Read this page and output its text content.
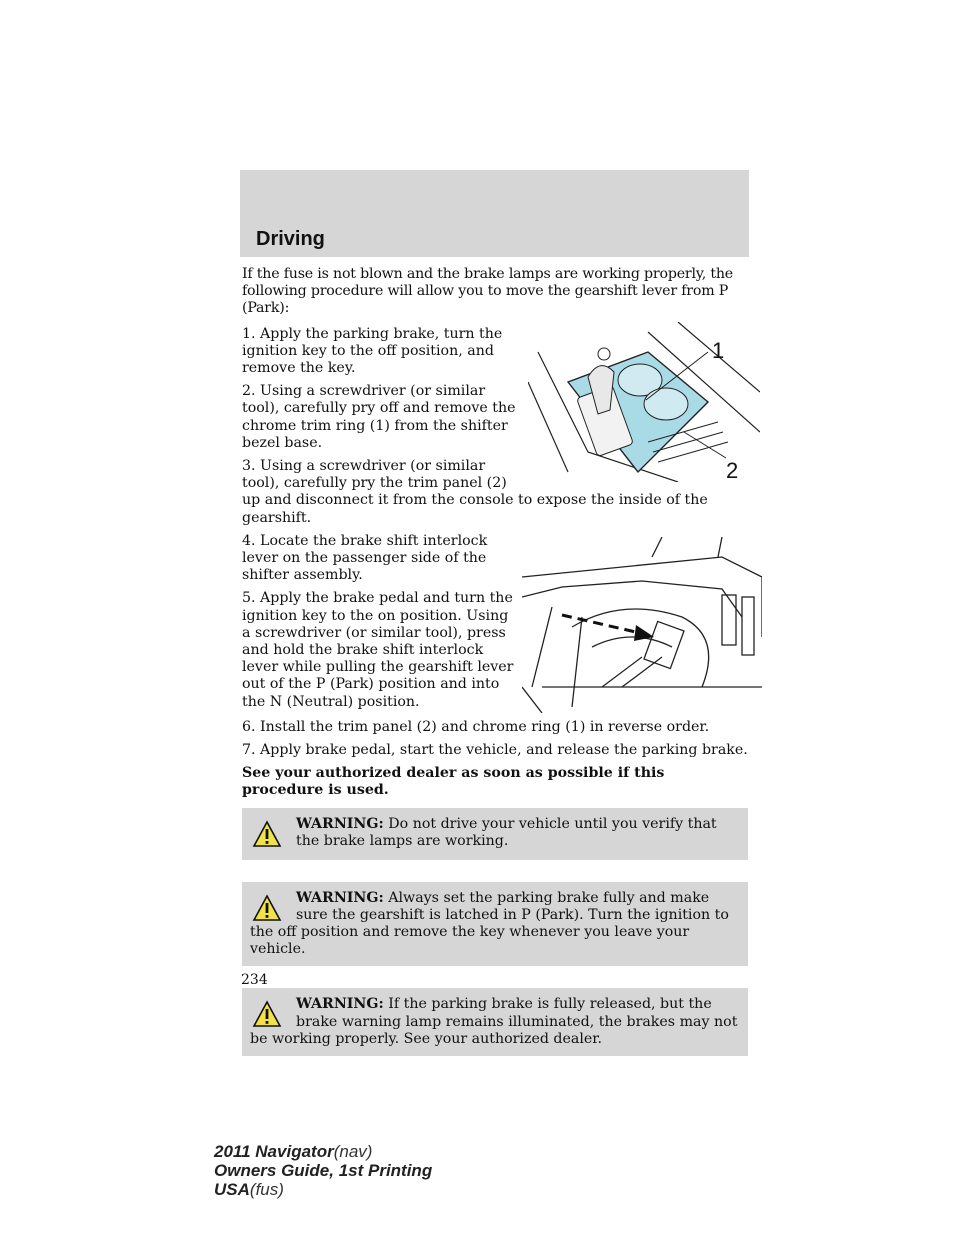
Driving

If the fuse is not blown and the brake lamps are working properly, the following procedure will allow you to move the gearshift lever from P (Park):

1
2

1. Apply the parking brake, turn the ignition key to the off position, and remove the key.

2. Using a screwdriver (or similar tool), carefully pry off and remove the chrome trim ring (1) from the shifter bezel base.

3. Using a screwdriver (or similar tool), carefully pry the trim panel (2) up and disconnect it from the console to expose the inside of the gearshift.

4. Locate the brake shift interlock lever on the passenger side of the shifter assembly.

5. Apply the brake pedal and turn the ignition key to the on position. Using a screwdriver (or similar tool), press and hold the brake shift interlock lever while pulling the gearshift lever out of the P (Park) position and into the N (Neutral) position.

6. Install the trim panel (2) and chrome ring (1) in reverse order.

7. Apply brake pedal, start the vehicle, and release the parking brake.

See your authorized dealer as soon as possible if this procedure is used.

WARNING: Do not drive your vehicle until you verify that the brake lamps are working.
WARNING: Always set the parking brake fully and make sure the gearshift is latched in P (Park). Turn the ignition to the off position and remove the key whenever you leave your vehicle.
WARNING: If the parking brake is fully released, but the brake warning lamp remains illuminated, the brakes may not be working properly. See your authorized dealer.
234
2011 Navigator(nav)
Owners Guide, 1st Printing
USA(fus)
